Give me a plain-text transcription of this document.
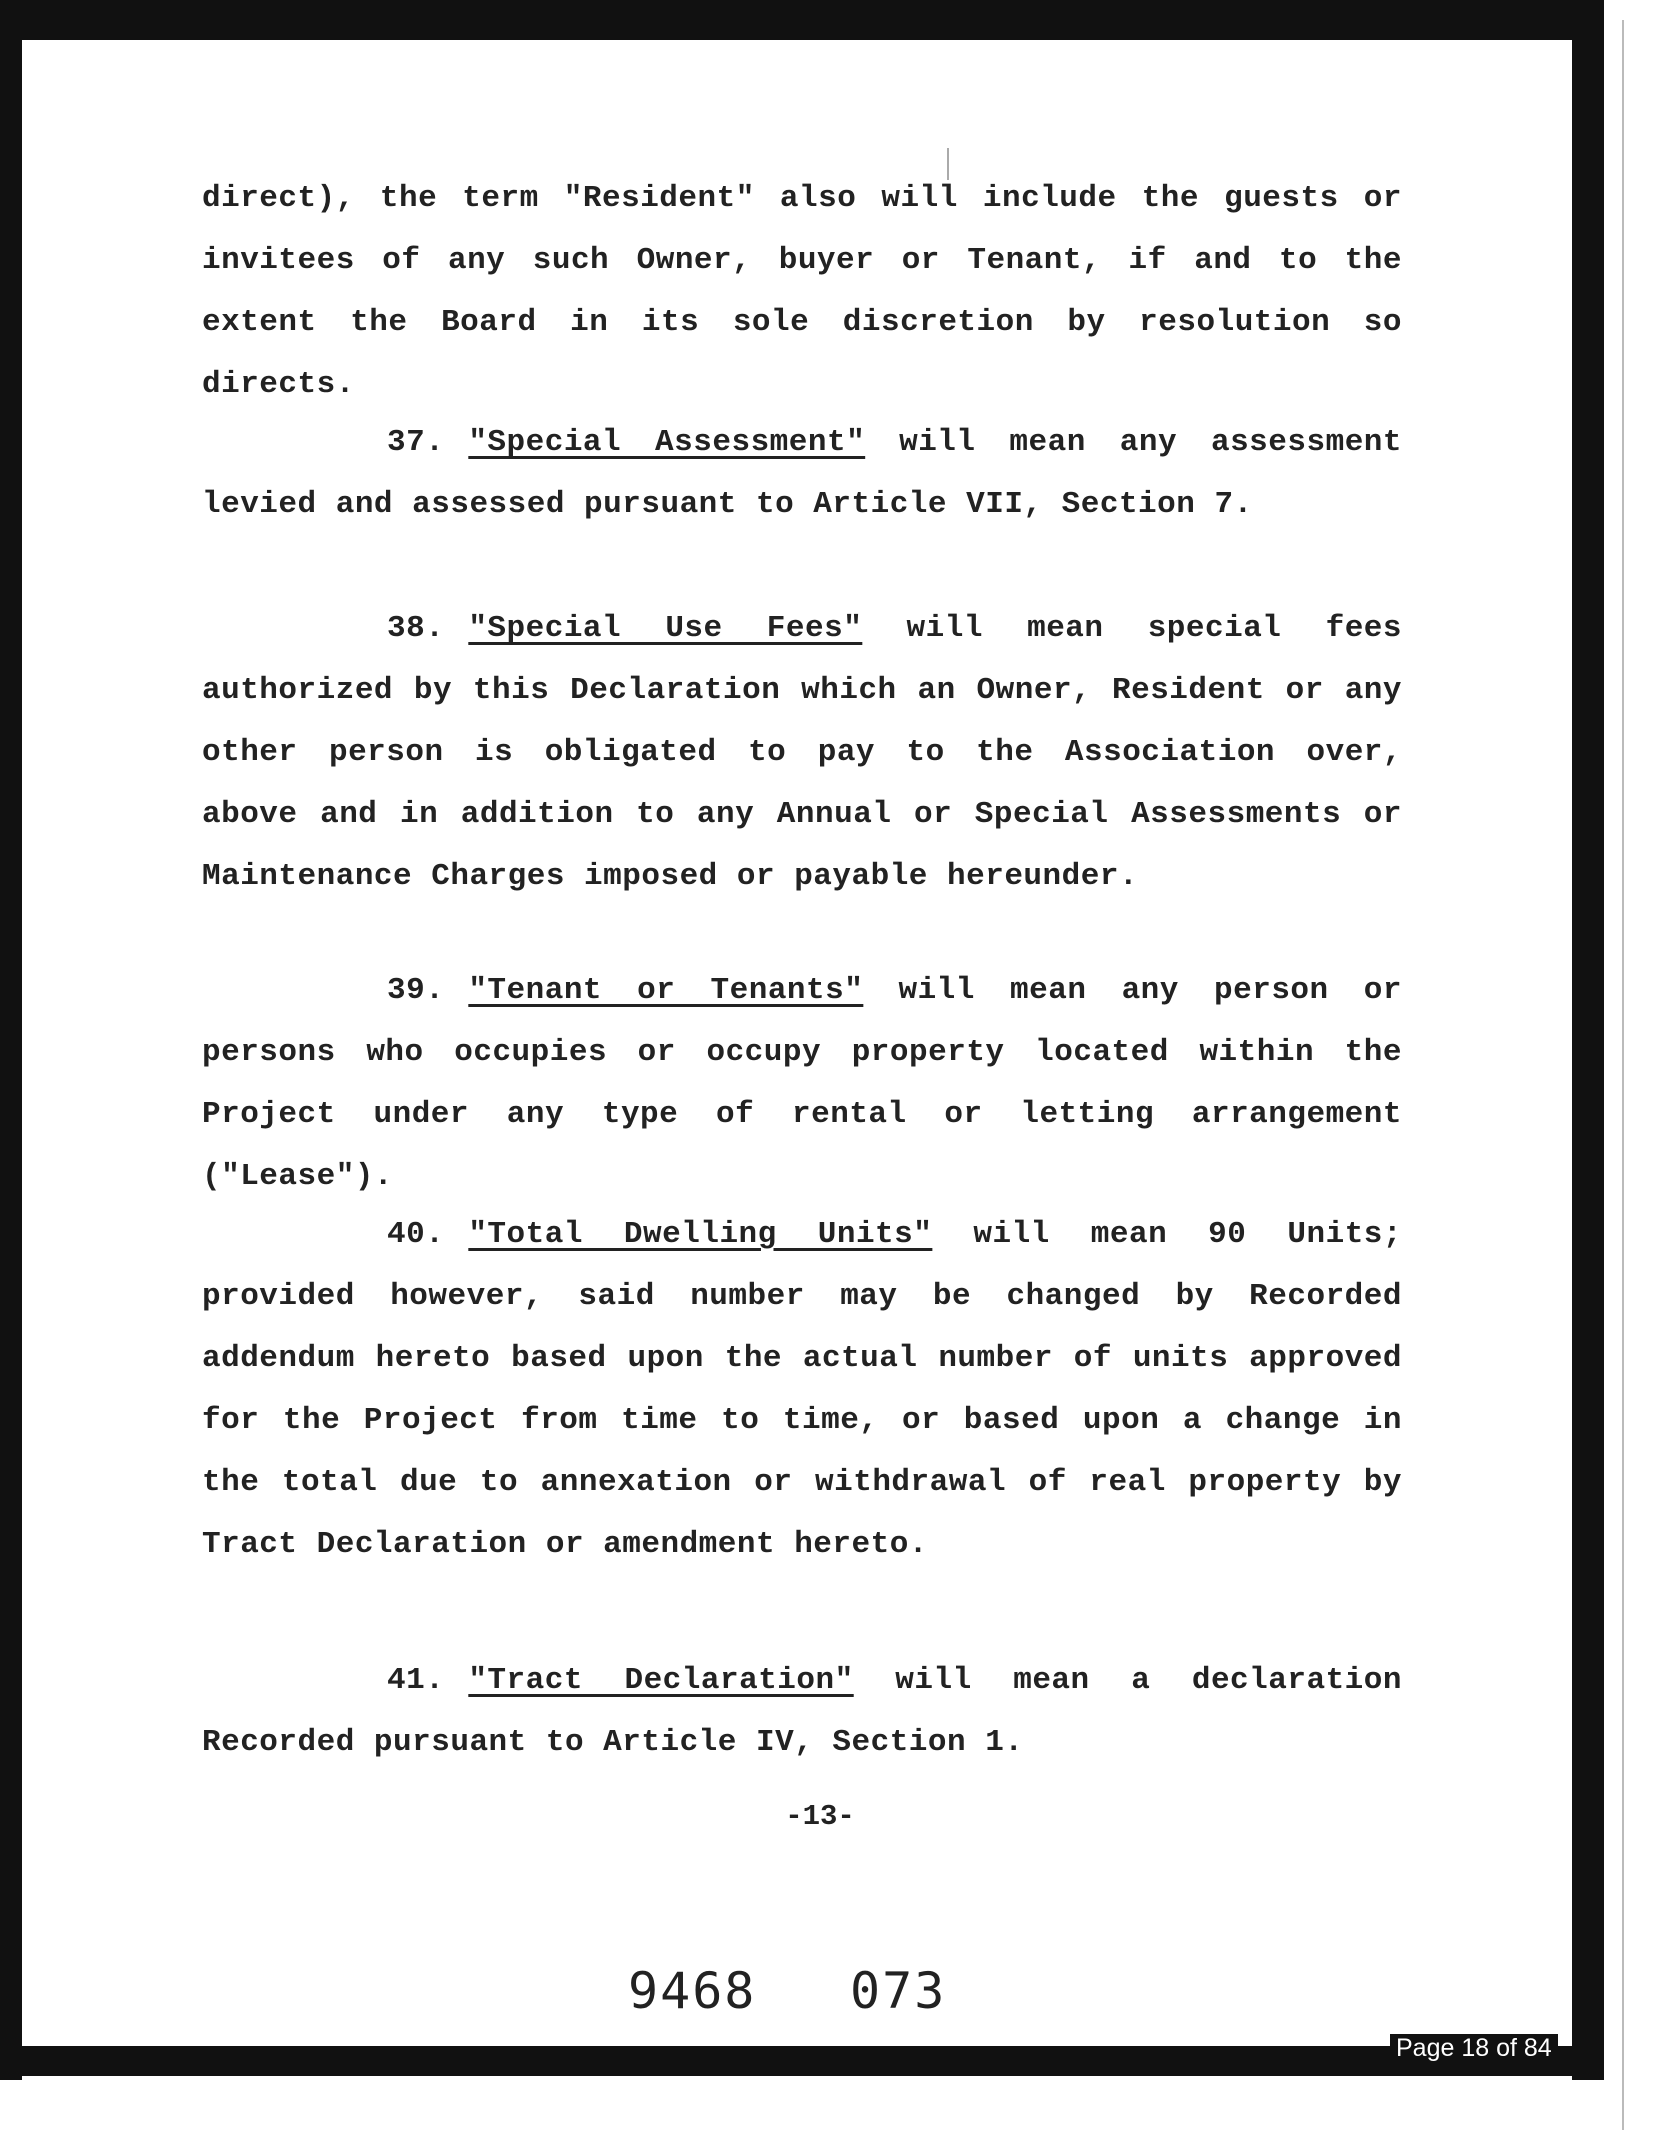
direct), the term "Resident" also will include the guests or invitees of any such Owner, buyer or Tenant, if and to the extent the Board in its sole discretion by resolution so directs.
37. "Special Assessment" will mean any assessment levied and assessed pursuant to Article VII, Section 7.
38. "Special Use Fees" will mean special fees authorized by this Declaration which an Owner, Resident or any other person is obligated to pay to the Association over, above and in addition to any Annual or Special Assessments or Maintenance Charges imposed or payable hereunder.
39. "Tenant or Tenants" will mean any person or persons who occupies or occupy property located within the Project under any type of rental or letting arrangement ("Lease").
40. "Total Dwelling Units" will mean 90 Units; provided however, said number may be changed by Recorded addendum hereto based upon the actual number of units approved for the Project from time to time, or based upon a change in the total due to annexation or withdrawal of real property by Tract Declaration or amendment hereto.
41. "Tract Declaration" will mean a declaration Recorded pursuant to Article IV, Section 1.
-13-
9468 073
Page 18 of 84
